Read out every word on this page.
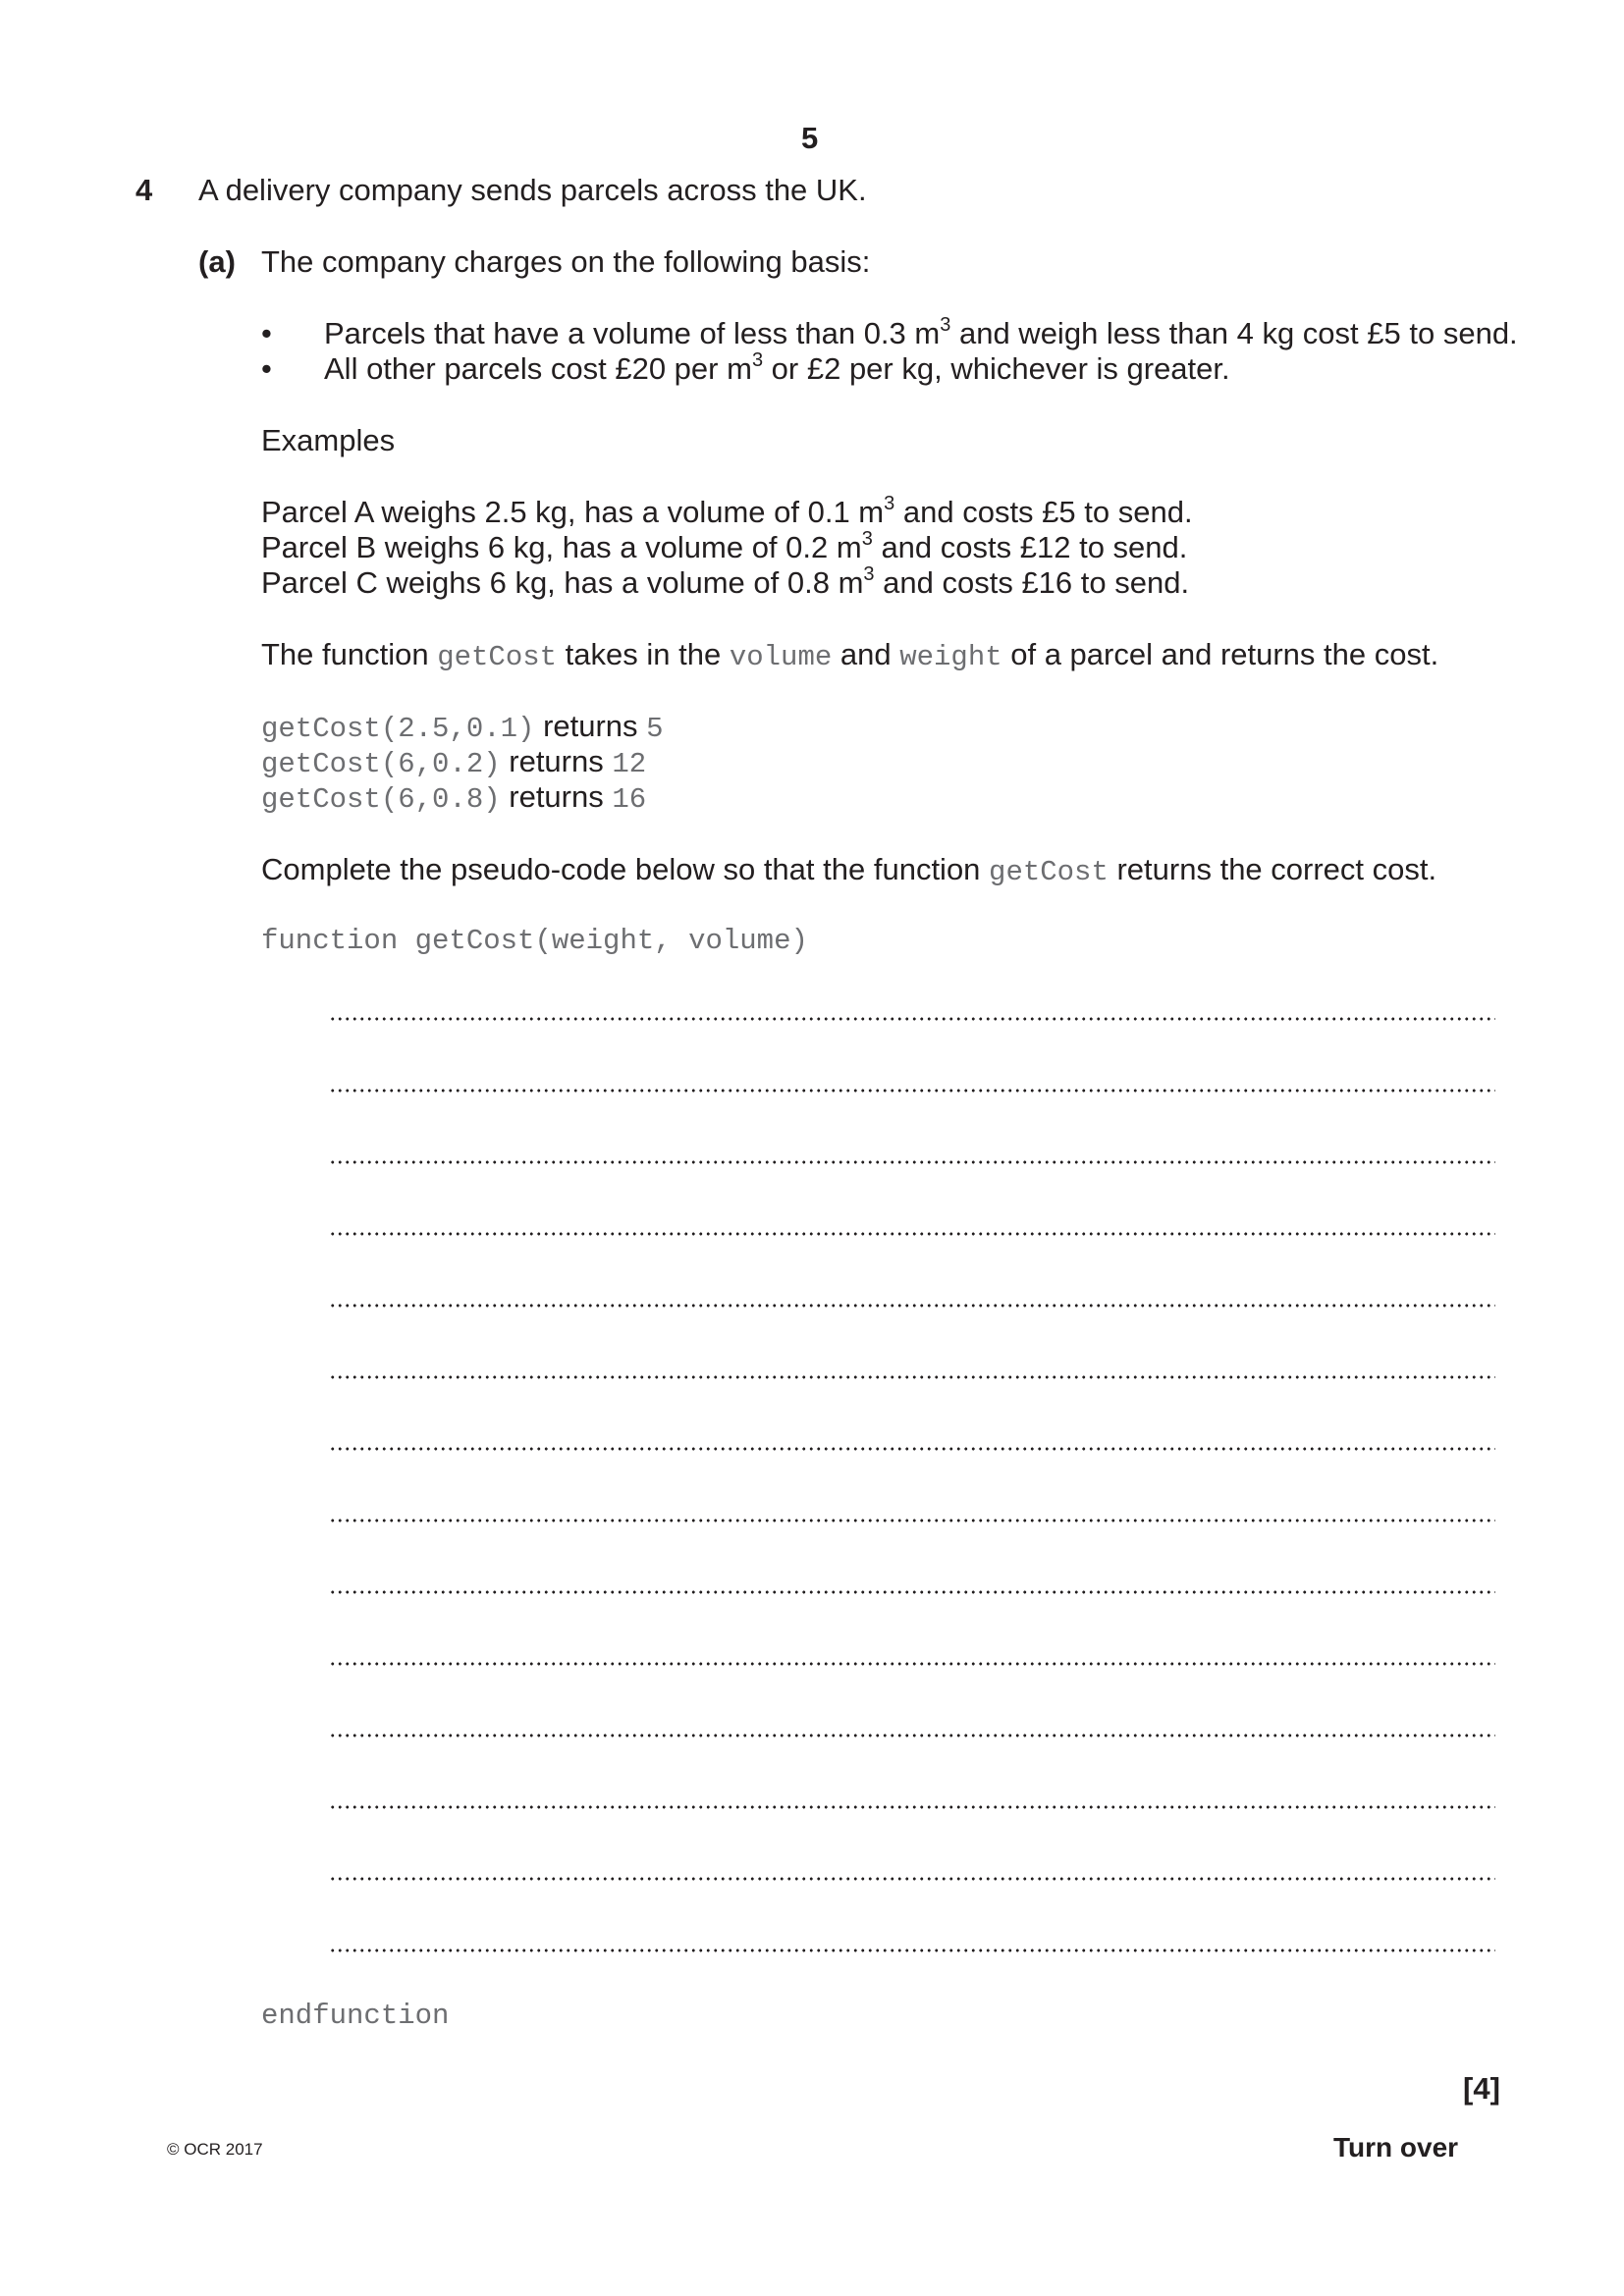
5
4 A delivery company sends parcels across the UK.
(a) The company charges on the following basis:
• Parcels that have a volume of less than 0.3 $m^3$ and weigh less than 4 kg cost £5 to send.
• All other parcels cost £20 per $m^3$ or £2 per kg, whichever is greater.
Examples
Parcel A weighs 2.5 kg, has a volume of 0.1 $m^3$ and costs £5 to send.
Parcel B weighs 6 kg, has a volume of 0.2 $m^3$ and costs £12 to send.
Parcel C weighs 6 kg, has a volume of 0.8 $m^3$ and costs £16 to send.
The function getCost takes in the volume and weight of a parcel and returns the cost.
getCost(2.5,0.1) returns 5
getCost(6,0.2) returns 12
getCost(6,0.8) returns 16
Complete the pseudo-code below so that the function getCost returns the correct cost.
function getCost(weight, volume)
endfunction
[4]
© OCR 2017	Turn over
